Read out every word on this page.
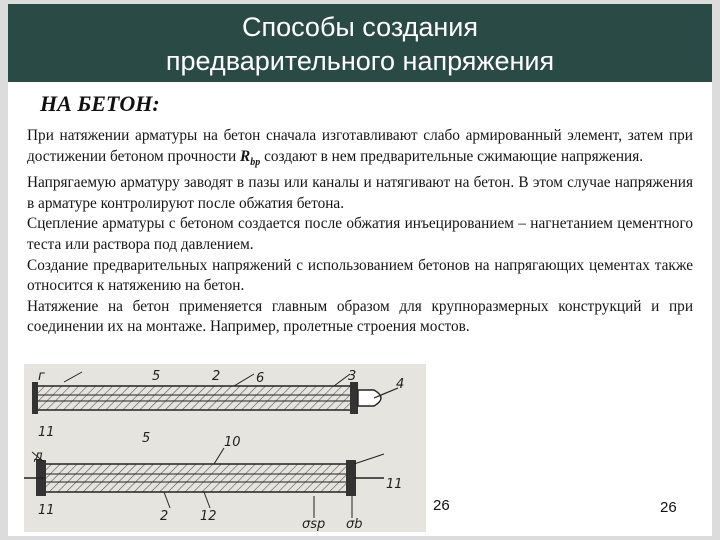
Способы создания
предварительного напряжения
НА БЕТОН:

При натяжении арматуры на бетон сначала изготавливают слабо армированный элемент, затем при достижении бетоном прочности $R_{bp}$ создают в нем предварительные сжимающие напряжения.

Напрягаемую арматуру заводят в пазы или каналы и натягивают на бетон. В этом случае напряжения в арматуре контролируют после обжатия бетона.

Сцепление арматуры с бетоном создается после обжатия инъецированием – нагнетанием цементного теста или раствора под давлением.

Создание предварительных напряжений с использованием бетонов на напрягающих цементах также относится к натяжению на бетон.

Натяжение на бетон применяется главным образом для крупноразмерных конструкций и при соединении их на монтаже. Например, пролетные строения мостов.

г	5	2	6	3
4
11
д
5	10
11
11
2 12
σsp σb
26	26
